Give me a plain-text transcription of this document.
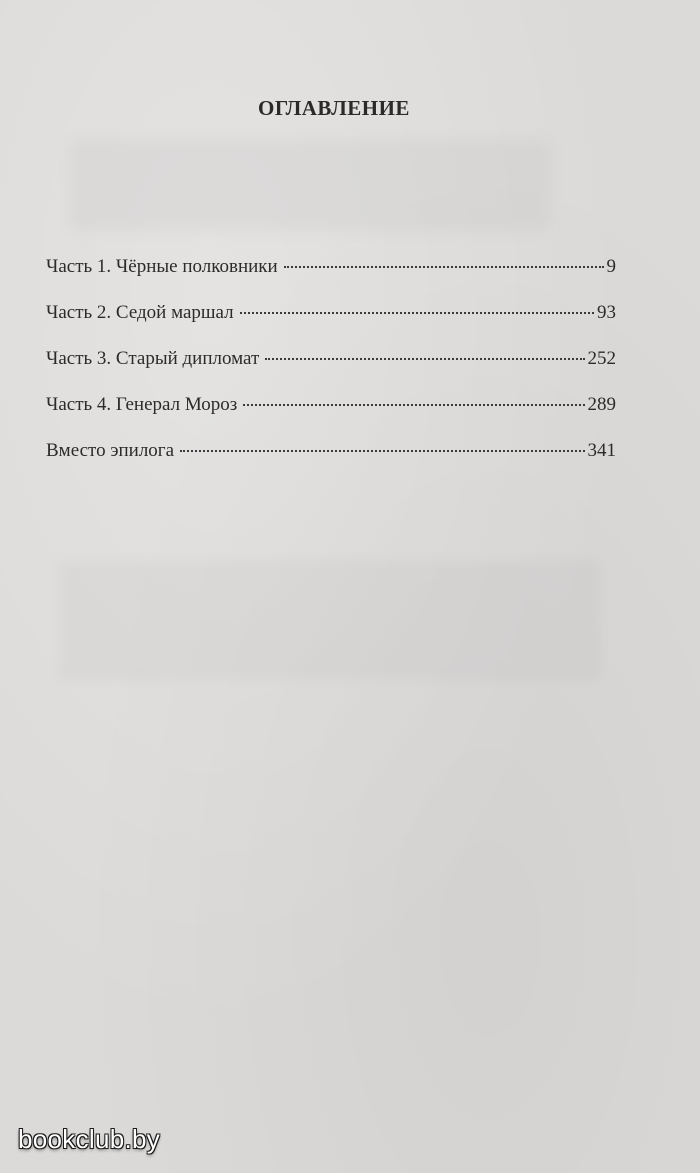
ОГЛАВЛЕНИЕ
Часть 1. Чёрные полковники	9
Часть 2. Седой маршал	93
Часть 3. Старый дипломат	252
Часть 4. Генерал Мороз	289
Вместо эпилога	341
bookclub.by
